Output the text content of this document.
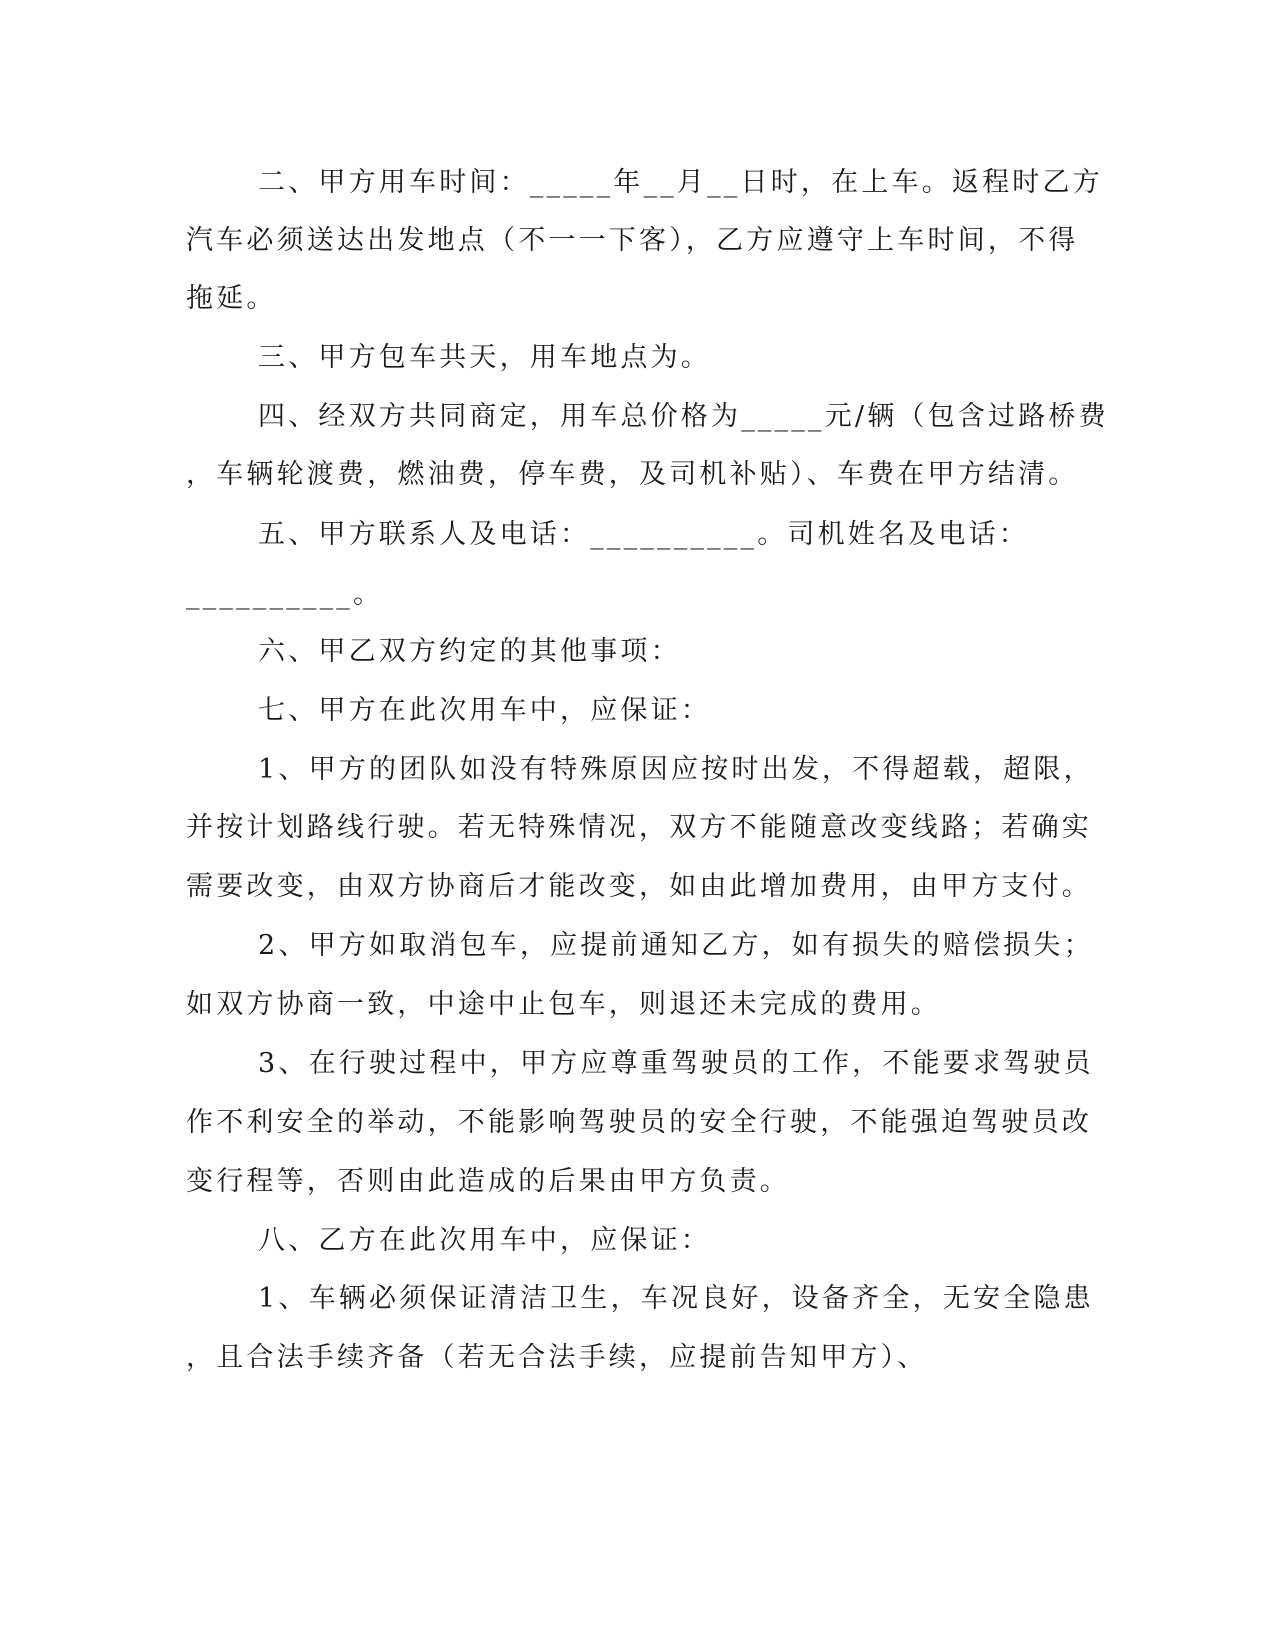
二、甲方用车时间：_____年__月__日时，在上车。返程时乙方

汽车必须送达出发地点（不一一下客），乙方应遵守上车时间，不得

拖延。

三、甲方包车共天，用车地点为。

四、经双方共同商定，用车总价格为_____元/辆（包含过路桥费

，车辆轮渡费，燃油费，停车费，及司机补贴）、车费在甲方结清。

五、甲方联系人及电话：__________。司机姓名及电话：

__________。

六、甲乙双方约定的其他事项：

七、甲方在此次用车中，应保证：

1、甲方的团队如没有特殊原因应按时出发，不得超载，超限，

并按计划路线行驶。若无特殊情况，双方不能随意改变线路；若确实

需要改变，由双方协商后才能改变，如由此增加费用，由甲方支付。

2、甲方如取消包车，应提前通知乙方，如有损失的赔偿损失；

如双方协商一致，中途中止包车，则退还未完成的费用。

3、在行驶过程中，甲方应尊重驾驶员的工作，不能要求驾驶员

作不利安全的举动，不能影响驾驶员的安全行驶，不能强迫驾驶员改

变行程等，否则由此造成的后果由甲方负责。

八、乙方在此次用车中，应保证：

1、车辆必须保证清洁卫生，车况良好，设备齐全，无安全隐患

，且合法手续齐备（若无合法手续，应提前告知甲方）、
